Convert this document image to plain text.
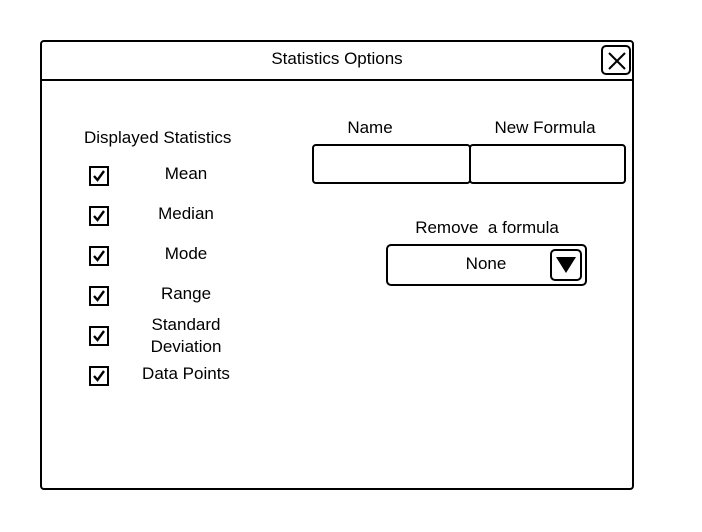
Statistics Options
Displayed Statistics
Mean
Median
Mode
Range
Standard Deviation
Data Points
Name	New Formula
Remove  a formula
None
